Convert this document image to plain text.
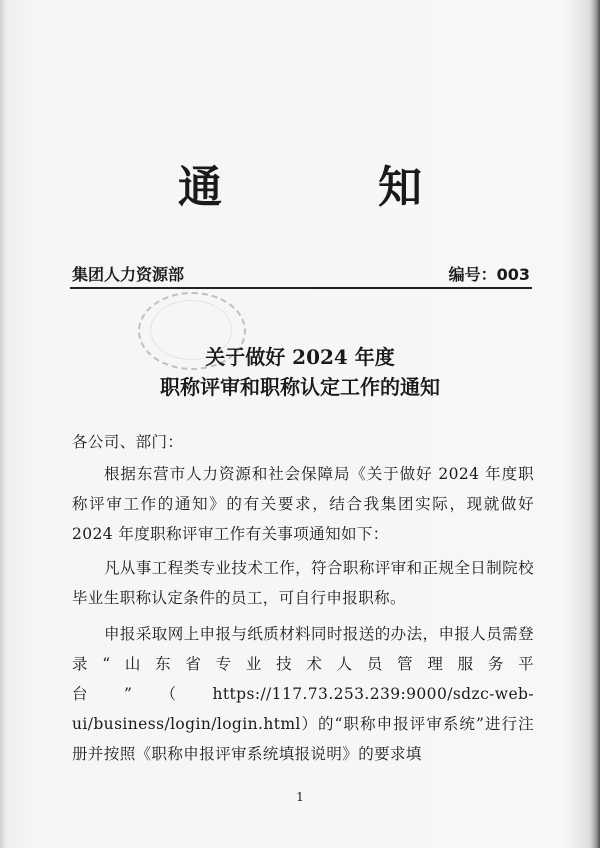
通	知
集团人力资源部	编号：003
关于做好 2024 年度
职称评审和职称认定工作的通知
各公司、部门：
根据东营市人力资源和社会保障局《关于做好 2024 年度职称评审工作的通知》的有关要求，结合我集团实际，现就做好 2024 年度职称评审工作有关事项通知如下：
凡从事工程类专业技术工作，符合职称评审和正规全日制院校毕业生职称认定条件的员工，可自行申报职称。
申报采取网上申报与纸质材料同时报送的办法，申报人员需登录“山东省专业技术人员管理服务平台”（https://117.73.253.239:9000/sdzc-web-ui/business/login/login.html）的“职称申报评审系统”进行注册并按照《职称申报评审系统填报说明》的要求填
1
